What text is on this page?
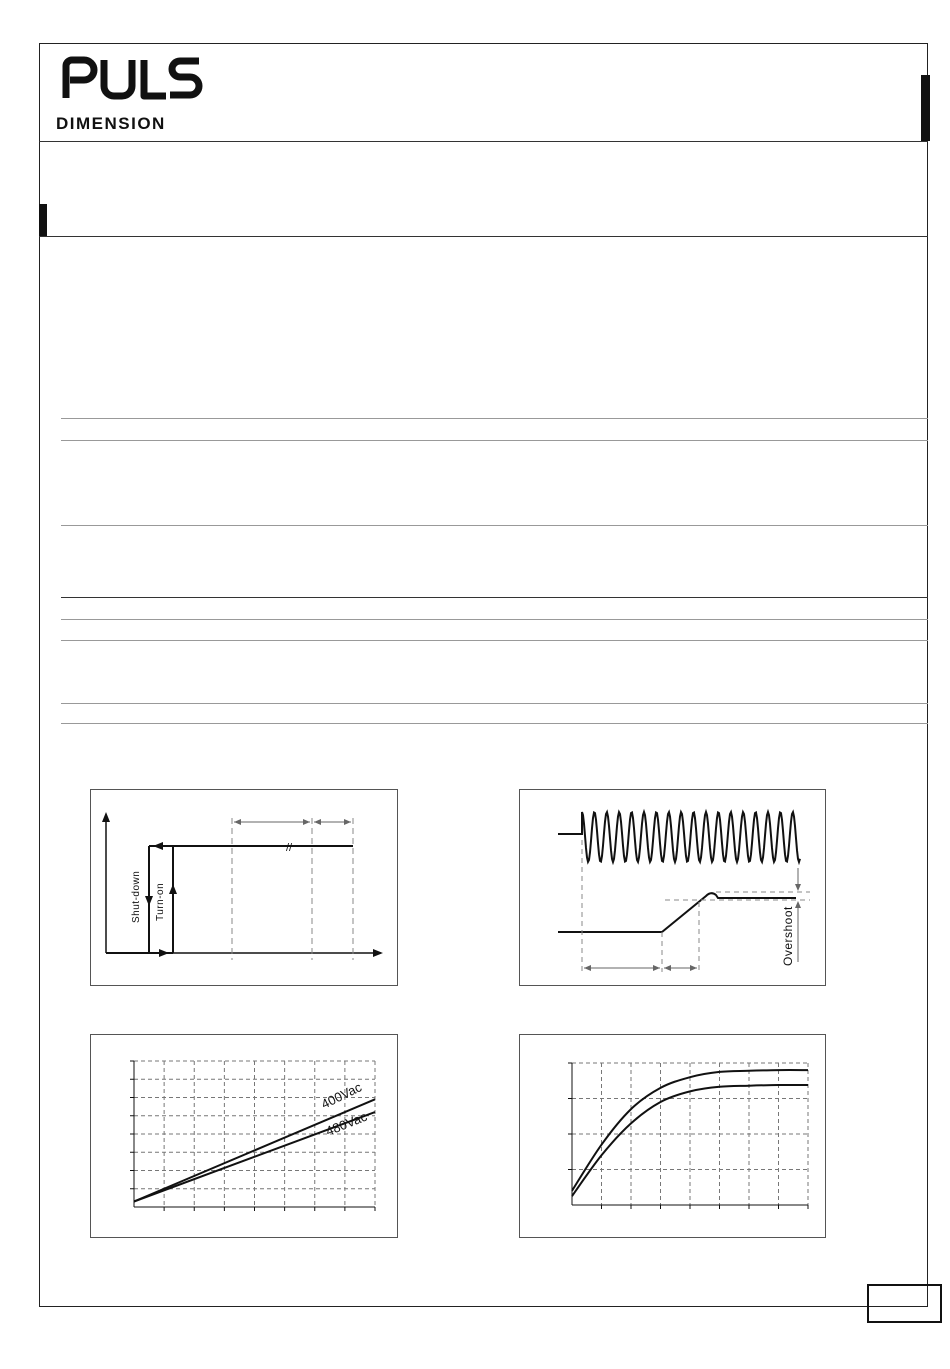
DIMENSION
//
Shut-down Turn-on
Overshoot
400Vac
480Vac
